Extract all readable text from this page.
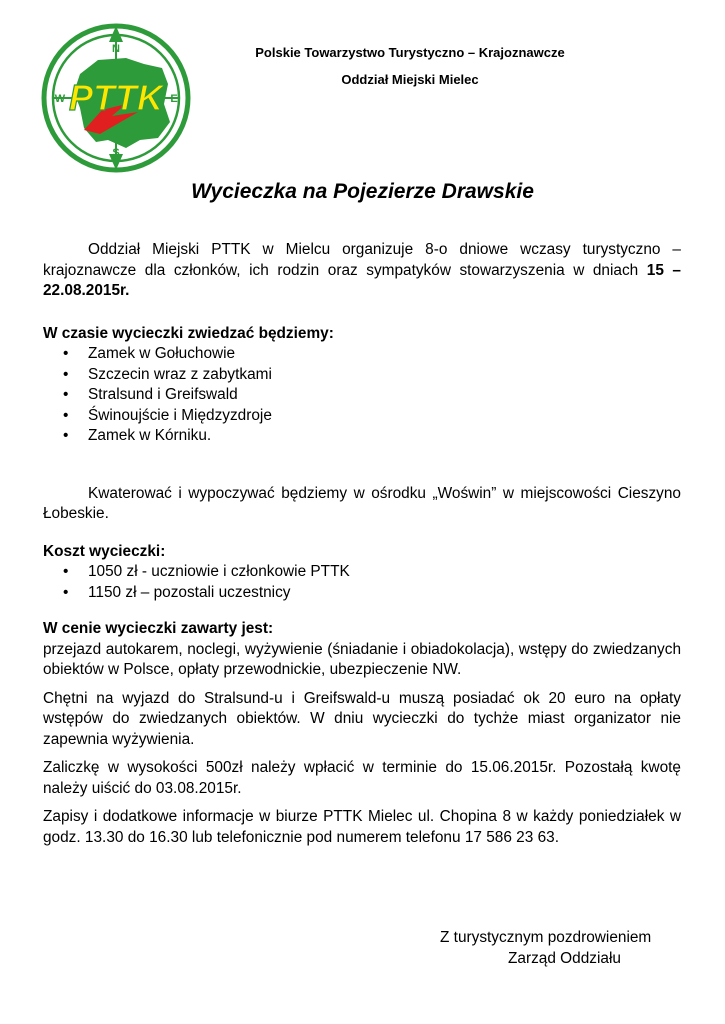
N
S
W	E
PTTK
Polskie Towarzystwo Turystyczno – Krajoznawcze
Oddział Miejski Mielec
Wycieczka na Pojezierze Drawskie

Oddział Miejski PTTK w Mielcu organizuje 8-o dniowe wczasy turystyczno – krajoznawcze dla członków, ich rodzin oraz sympatyków stowarzyszenia w dniach 15 – 22.08.2015r.

W czasie wycieczki zwiedzać będziemy:

• Zamek w Gołuchowie
• Szczecin wraz z zabytkami
• Stralsund i Greifswald
• Świnoujście i Międzyzdroje
• Zamek w Kórniku.

Kwaterować i wypoczywać będziemy w ośrodku „Woświn” w miejscowości Cieszyno Łobeskie.

Koszt wycieczki:

• 1050 zł - uczniowie i członkowie PTTK
• 1150 zł – pozostali uczestnicy

W cenie wycieczki zawarty jest:

przejazd autokarem, noclegi, wyżywienie (śniadanie i obiadokolacja), wstępy do zwiedzanych obiektów w Polsce, opłaty przewodnickie, ubezpieczenie NW.

Chętni na wyjazd do Stralsund-u i Greifswald-u muszą posiadać ok 20 euro na opłaty wstępów do zwiedzanych obiektów. W dniu wycieczki do tychże miast organizator nie zapewnia wyżywienia.

Zaliczkę w wysokości 500zł należy wpłacić w terminie do 15.06.2015r. Pozostałą kwotę należy uiścić do 03.08.2015r.

Zapisy i dodatkowe informacje w biurze PTTK Mielec ul. Chopina 8 w każdy poniedziałek w godz. 13.30 do 16.30 lub telefonicznie pod numerem telefonu 17 586 23 63.

Z turystycznym pozdrowieniem
Zarząd Oddziału
